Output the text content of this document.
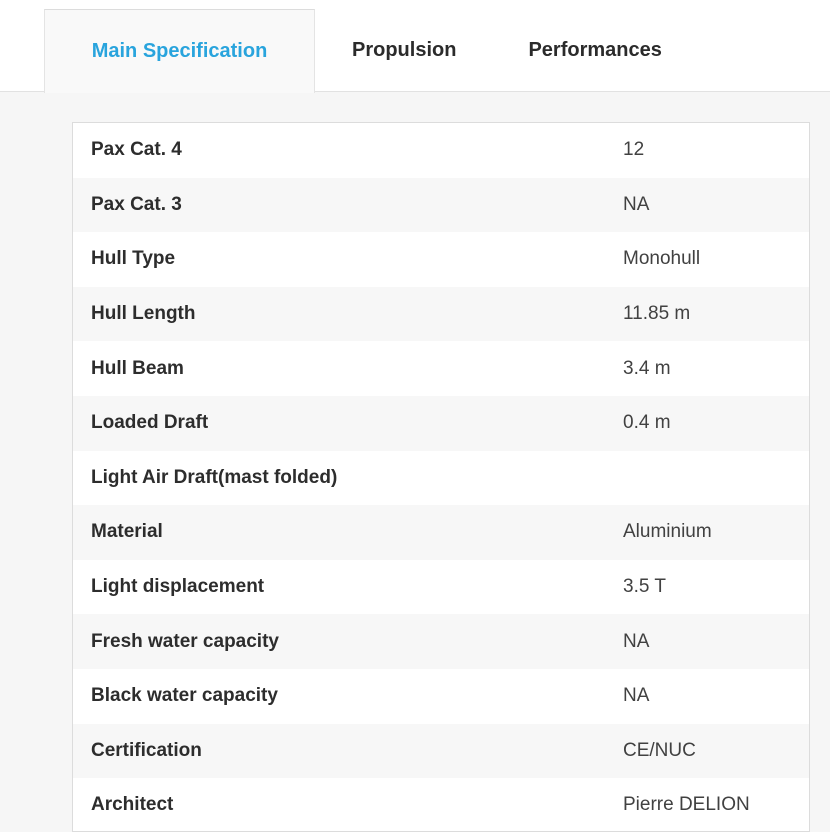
Main Specification	Propulsion	Performances
Pax Cat. 4	12
Pax Cat. 3	NA
Hull Type	Monohull
Hull Length	11.85 m
Hull Beam	3.4 m
Loaded Draft	0.4 m
Light Air Draft(mast folded)
Material	Aluminium
Light displacement	3.5 T
Fresh water capacity	NA
Black water capacity	NA
Certification	CE/NUC
Architect	Pierre DELION
